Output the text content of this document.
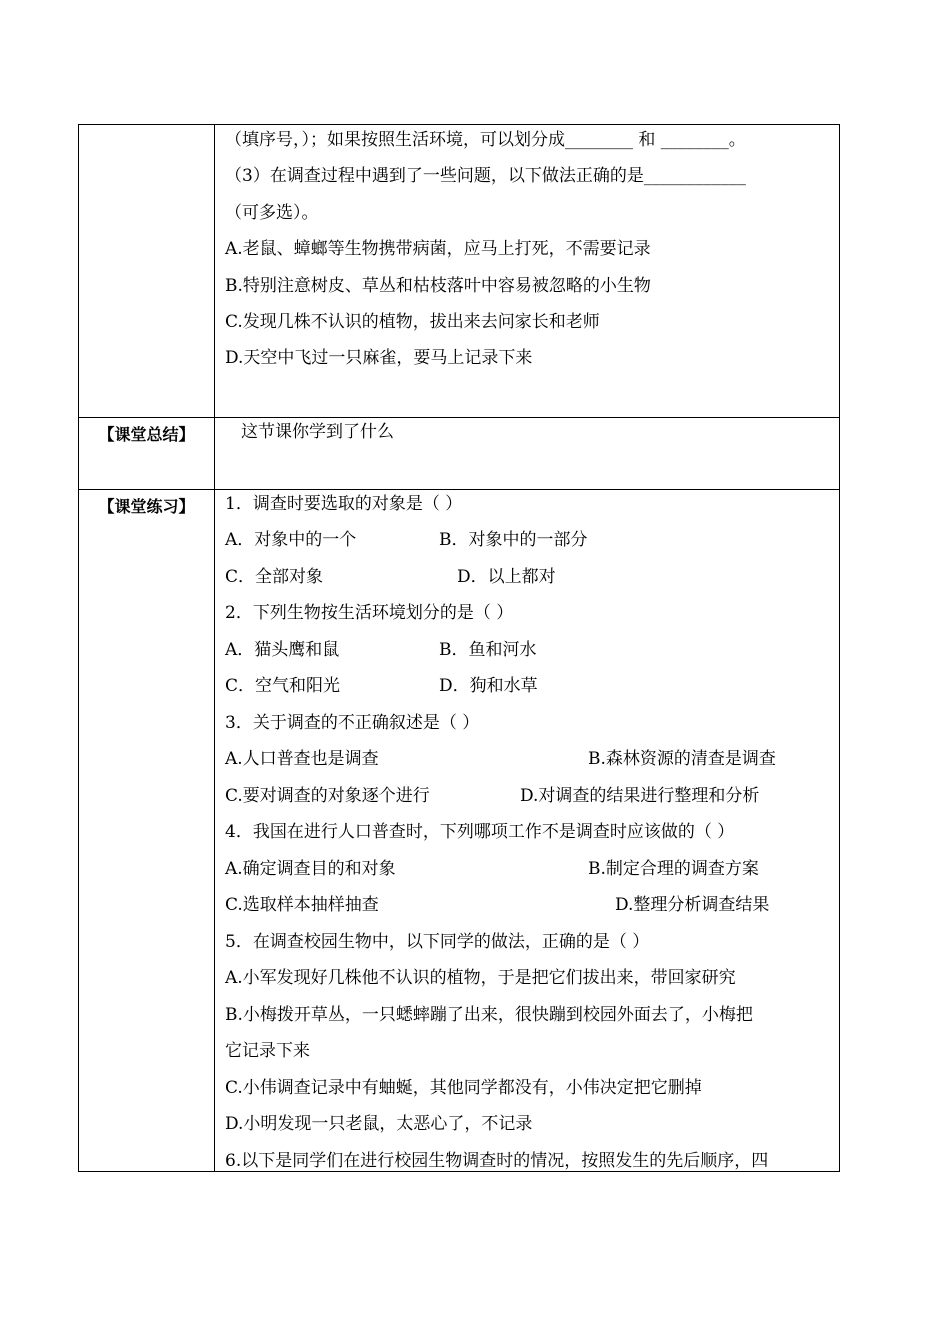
（填序号，）；如果按照生活环境，可以划分成________ 和 ________。
（3）在调查过程中遇到了一些问题，以下做法正确的是____________
（可多选）。
A.老鼠、蟑螂等生物携带病菌，应马上打死，不需要记录
B.特别注意树皮、草丛和枯枝落叶中容易被忽略的小生物
C.发现几株不认识的植物，拔出来去问家长和老师
D.天空中飞过一只麻雀，要马上记录下来
【课堂总结】	这节课你学到了什么
【课堂练习】	1．调查时要选取的对象是（ ）
A．对象中的一个	B．对象中的一部分
C．全部对象	D．以上都对
2．下列生物按生活环境划分的是（ ）
A．猫头鹰和鼠	B．鱼和河水
C．空气和阳光	D．狗和水草
3．关于调查的不正确叙述是（ ）
A.人口普查也是调查	B.森林资源的清查是调查
C.要对调查的对象逐个进行	D.对调查的结果进行整理和分析
4．我国在进行人口普查时，下列哪项工作不是调查时应该做的（ ）
A.确定调查目的和对象	B.制定合理的调查方案
C.选取样本抽样抽查	D.整理分析调查结果
5．在调查校园生物中，以下同学的做法，正确的是（ ）
A.小军发现好几株他不认识的植物，于是把它们拔出来，带回家研究
B.小梅拨开草丛，一只蟋蟀蹦了出来，很快蹦到校园外面去了，小梅把
它记录下来
C.小伟调查记录中有蚰蜒，其他同学都没有，小伟决定把它删掉
D.小明发现一只老鼠，太恶心了，不记录
6.以下是同学们在进行校园生物调查时的情况，按照发生的先后顺序，四
